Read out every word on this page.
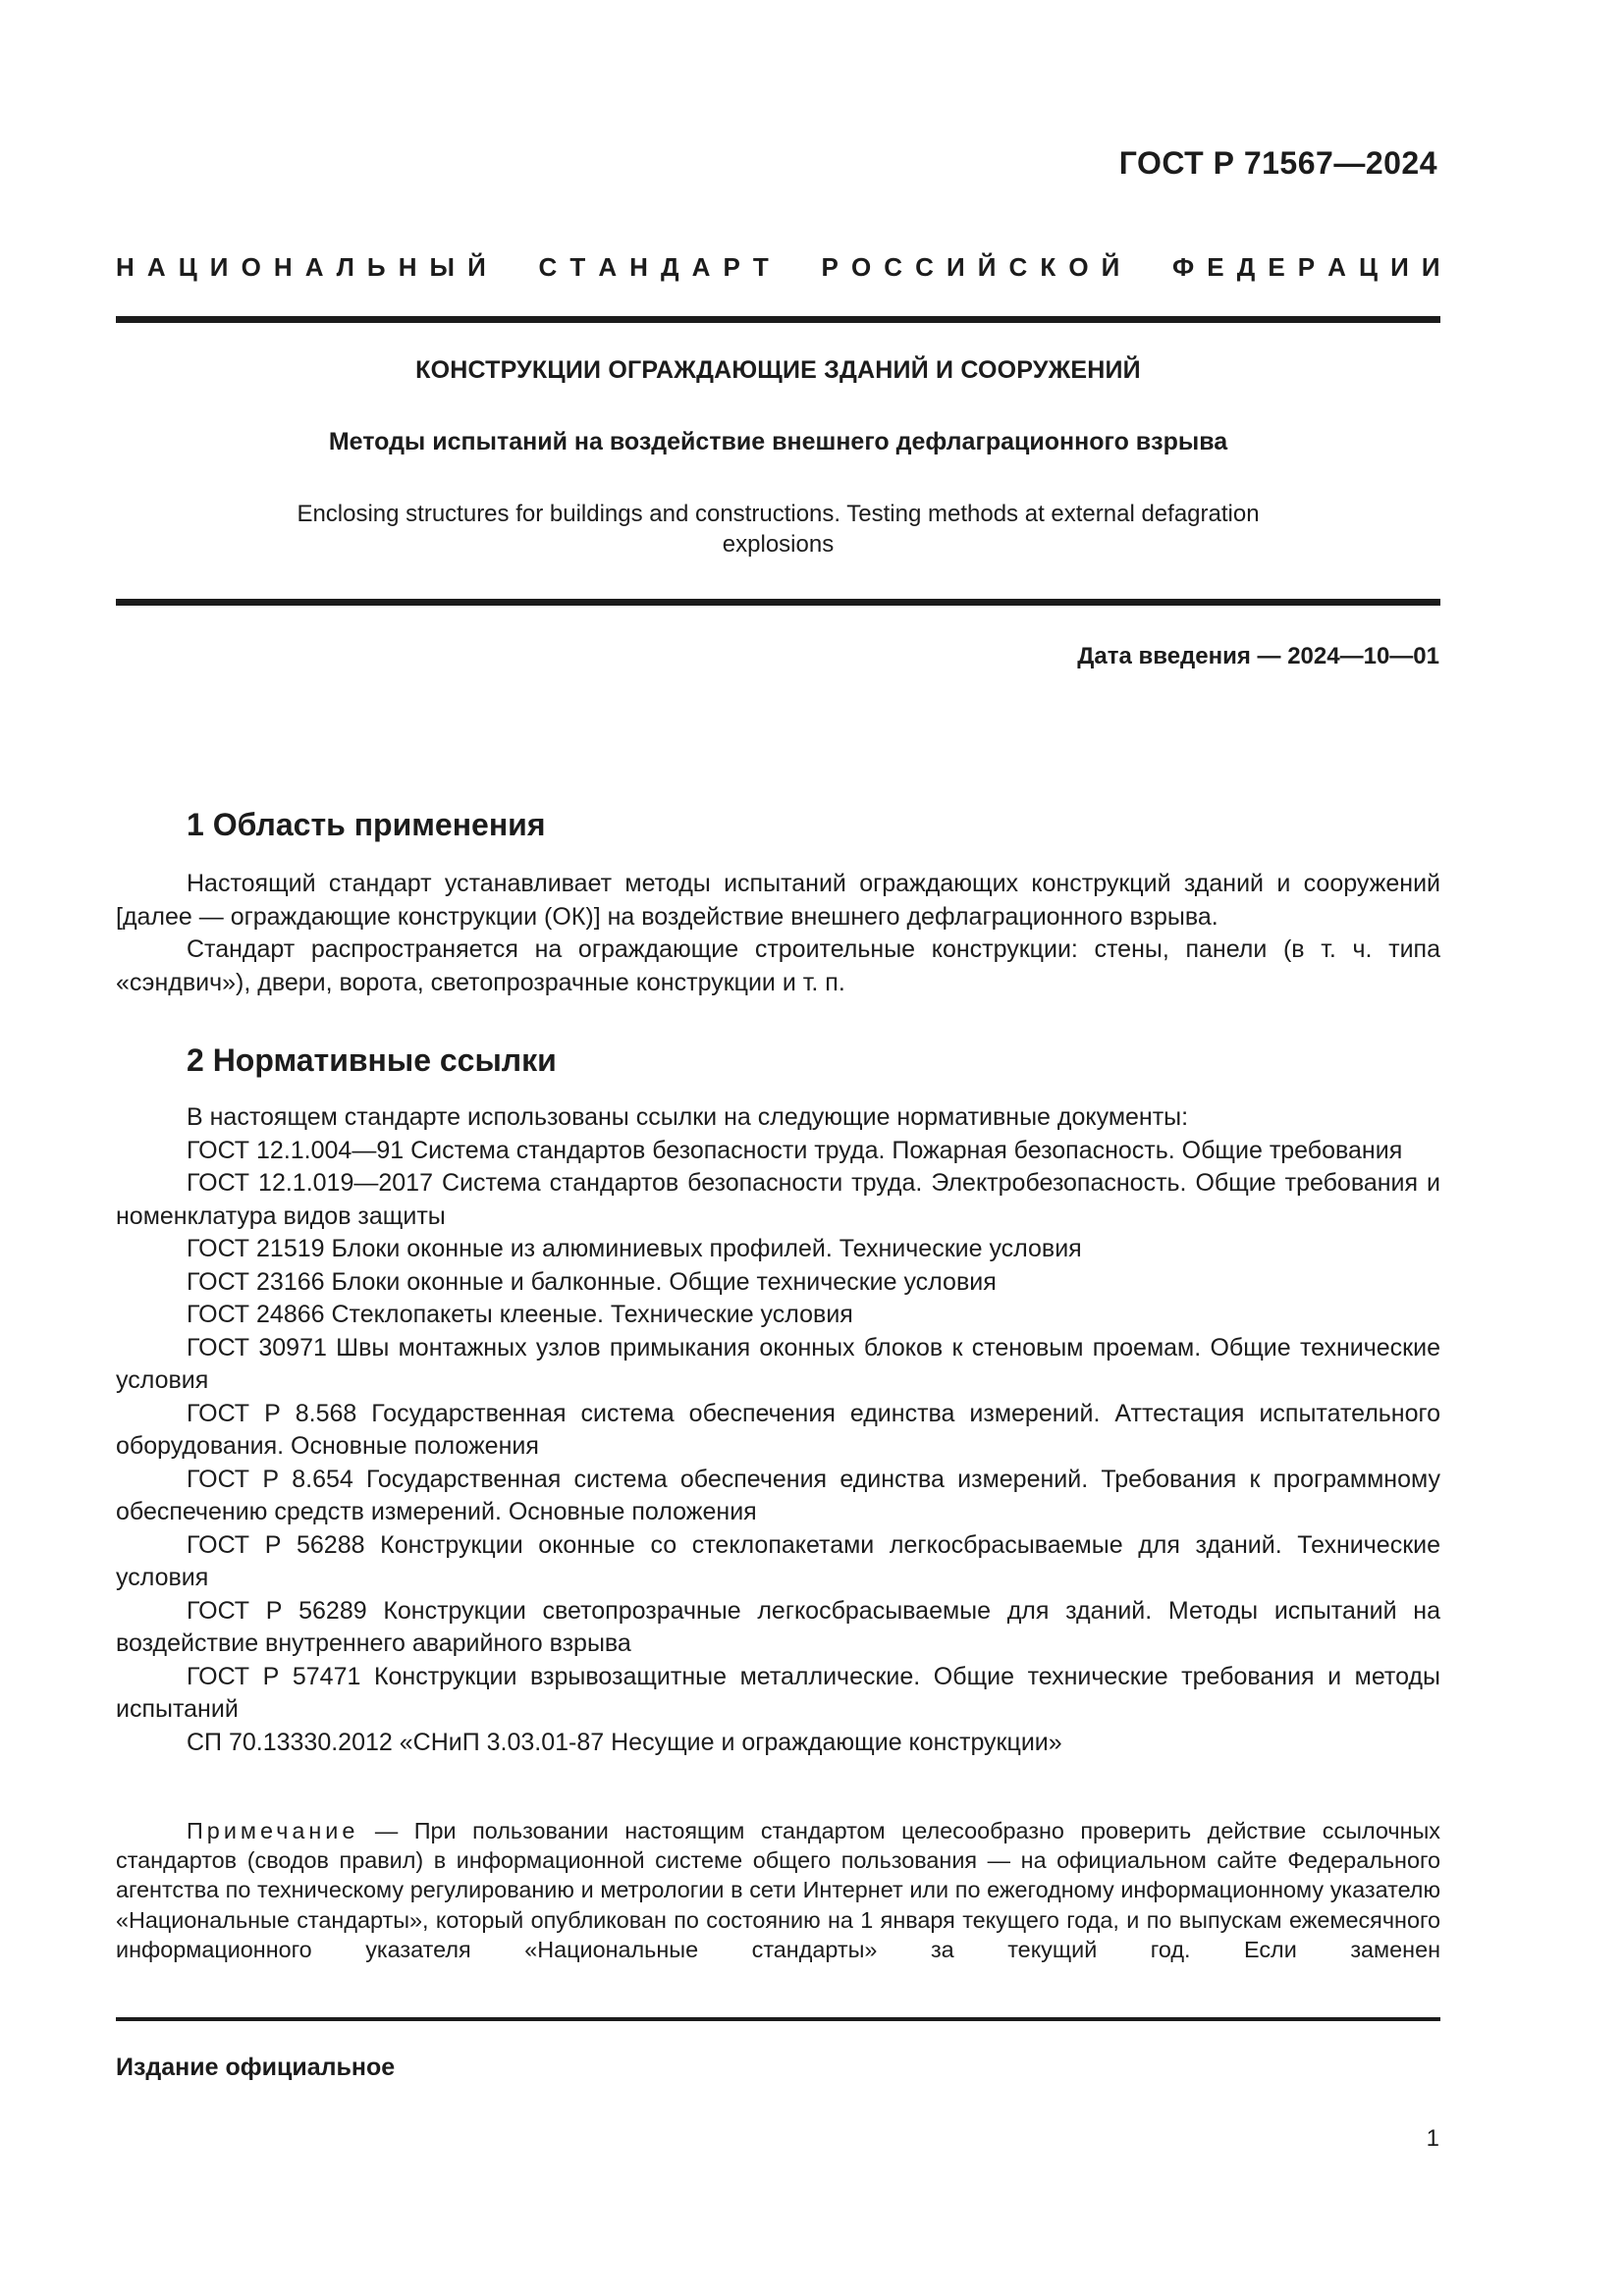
ГОСТ Р 71567—2024
Н А Ц И О Н А Л Ь Н Ы Й

С Т А Н Д А Р Т

Р О С С И Й С К О Й

Ф Е Д Е Р А Ц И И
КОНСТРУКЦИИ ОГРАЖДАЮЩИЕ ЗДАНИЙ И СООРУЖЕНИЙ
Методы испытаний на воздействие внешнего дефлаграционного взрыва
Enclosing structures for buildings and constructions. Testing methods at external defagration
explosions
Дата введения — 2024—10—01
1 Область применения

Настоящий стандарт устанавливает методы испытаний ограждающих конструкций зданий и сооружений [далее — ограждающие конструкции (ОК)] на воздействие внешнего дефлаграционного взрыва.

Стандарт распространяется на ограждающие строительные конструкции: стены, панели (в т. ч. типа «сэндвич»), двери, ворота, светопрозрачные конструкции и т. п.

2 Нормативные ссылки

В настоящем стандарте использованы ссылки на следующие нормативные документы:

ГОСТ 12.1.004—91 Система стандартов безопасности труда. Пожарная безопасность. Общие требования

ГОСТ 12.1.019—2017 Система стандартов безопасности труда. Электробезопасность. Общие требования и номенклатура видов защиты

ГОСТ 21519 Блоки оконные из алюминиевых профилей. Технические условия

ГОСТ 23166 Блоки оконные и балконные. Общие технические условия

ГОСТ 24866 Стеклопакеты клееные. Технические условия

ГОСТ 30971 Швы монтажных узлов примыкания оконных блоков к стеновым проемам. Общие технические условия

ГОСТ Р 8.568 Государственная система обеспечения единства измерений. Аттестация испытательного оборудования. Основные положения

ГОСТ Р 8.654 Государственная система обеспечения единства измерений. Требования к программному обеспечению средств измерений. Основные положения

ГОСТ Р 56288 Конструкции оконные со стеклопакетами легкосбрасываемые для зданий. Технические условия

ГОСТ Р 56289 Конструкции светопрозрачные легкосбрасываемые для зданий. Методы испытаний на воздействие внутреннего аварийного взрыва

ГОСТ Р 57471 Конструкции взрывозащитные металлические. Общие технические требования и методы испытаний

СП 70.13330.2012 «СНиП 3.03.01-87 Несущие и ограждающие конструкции»

Примечание — При пользовании настоящим стандартом целесообразно проверить действие ссылочных стандартов (сводов правил) в информационной системе общего пользования — на официальном сайте Федерального агентства по техническому регулированию и метрологии в сети Интернет или по ежегодному информационному указателю «Национальные стандарты», который опубликован по состоянию на 1 января текущего года, и по выпускам ежемесячного информационного указателя «Национальные стандарты» за текущий год. Если заменен

Издание официальное
1
